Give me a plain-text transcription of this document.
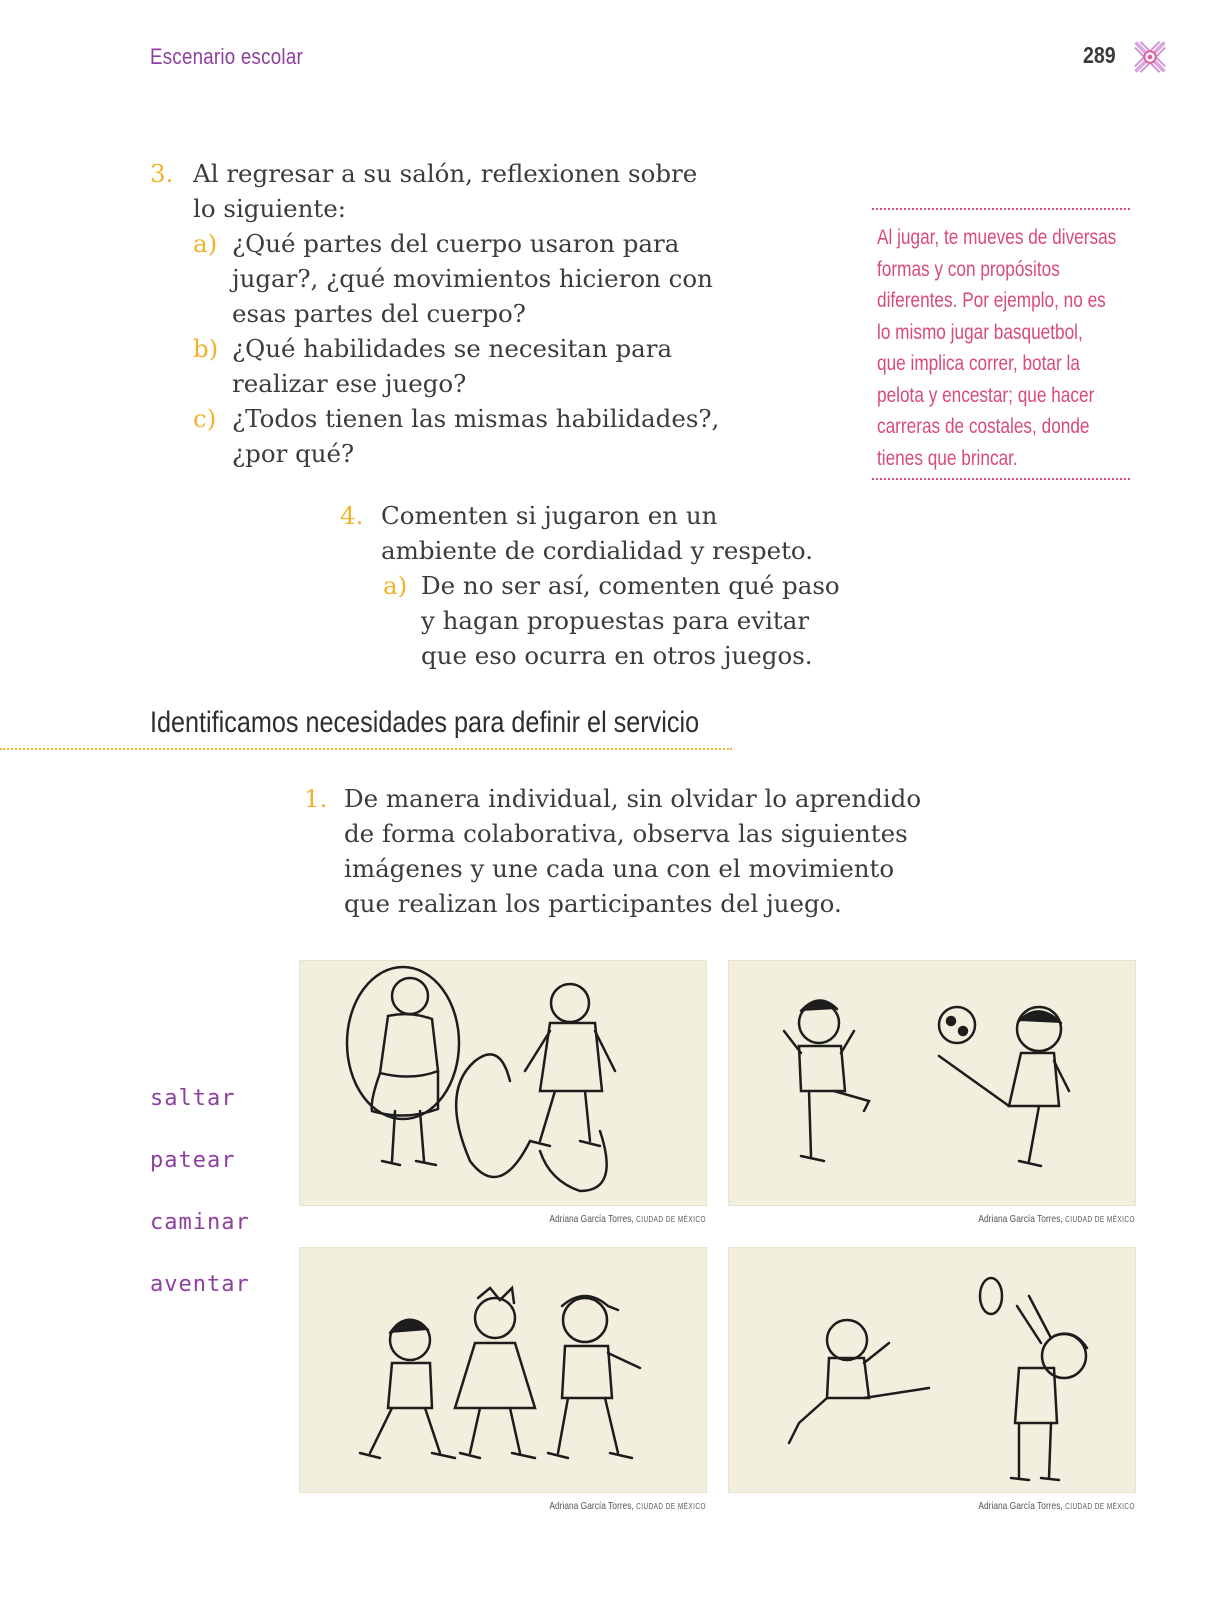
Escenario escolar	289
3. Al regresar a su salón, reflexionen sobre
lo siguiente:
a) ¿Qué partes del cuerpo usaron para
jugar?, ¿qué movimientos hicieron con
esas partes del cuerpo?
b) ¿Qué habilidades se necesitan para
realizar ese juego?
c) ¿Todos tienen las mismas habilidades?,
¿por qué?
Al jugar, te mueves de diversas
formas y con propósitos
diferentes. Por ejemplo, no es
lo mismo jugar basquetbol,
que implica correr, botar la
pelota y encestar; que hacer
carreras de costales, donde
tienes que brincar.
4. Comenten si jugaron en un
ambiente de cordialidad y respeto.
a) De no ser así, comenten qué paso
y hagan propuestas para evitar
que eso ocurra en otros juegos.
Identificamos necesidades para definir el servicio
1. De manera individual, sin olvidar lo aprendido
de forma colaborativa, observa las siguientes
imágenes y une cada una con el movimiento
que realizan los participantes del juego.
saltar
patear
caminar
aventar
Adriana García Torres, CIUDAD DE MÉXICO	Adriana García Torres, CIUDAD DE MÉXICO
Adriana García Torres, CIUDAD DE MÉXICO	Adriana García Torres, CIUDAD DE MÉXICO
